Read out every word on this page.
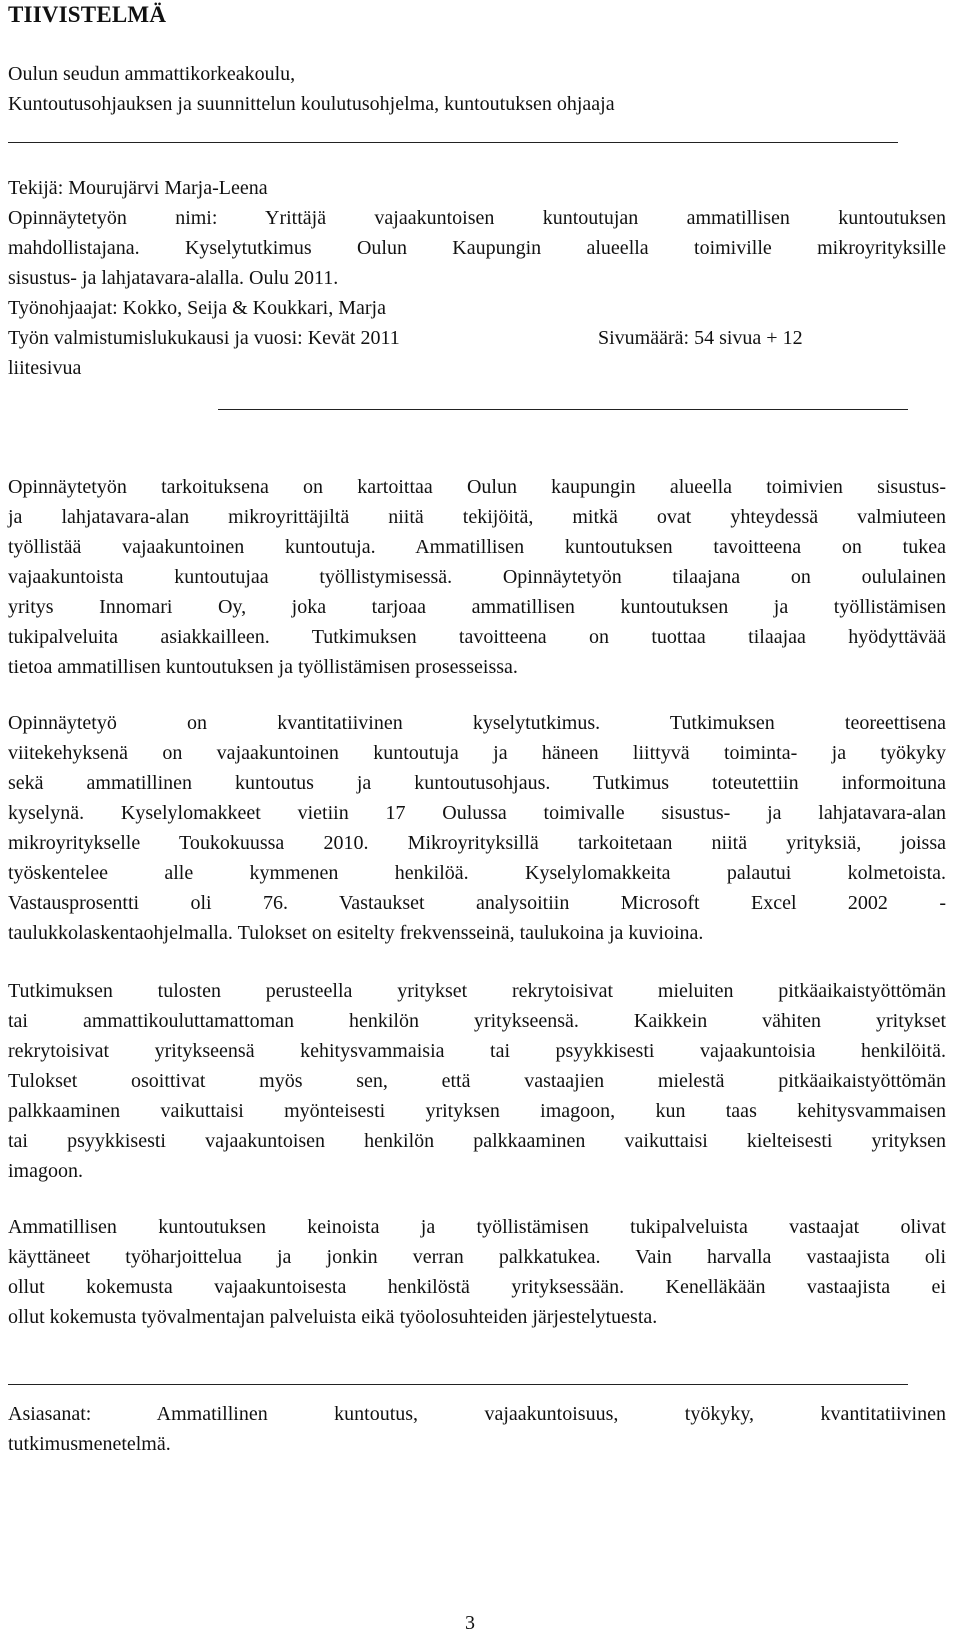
TIIVISTELMÄ
Oulun seudun ammattikorkeakoulu,
Kuntoutusohjauksen ja suunnittelun koulutusohjelma, kuntoutuksen ohjaaja
Tekijä: Mourujärvi Marja-Leena
Opinnäytetyön nimi: Yrittäjä vajaakuntoisen kuntoutujan ammatillisen kuntoutuksen
mahdollistajana. Kyselytutkimus Oulun Kaupungin alueella toimiville mikroyrityksille
sisustus- ja lahjatavara-alalla. Oulu 2011.
Työnohjaajat: Kokko, Seija & Koukkari, Marja
Työn valmistumislukukausi ja vuosi: Kevät 2011	Sivumäärä: 54 sivua + 12
liitesivua
Opinnäytetyön tarkoituksena on kartoittaa Oulun kaupungin alueella toimivien sisustus-
ja lahjatavara-alan mikroyrittäjiltä niitä tekijöitä, mitkä ovat yhteydessä valmiuteen
työllistää vajaakuntoinen kuntoutuja. Ammatillisen kuntoutuksen tavoitteena on tukea
vajaakuntoista kuntoutujaa työllistymisessä. Opinnäytetyön tilaajana on oululainen
yritys Innomari Oy, joka tarjoaa ammatillisen kuntoutuksen ja työllistämisen
tukipalveluita asiakkailleen. Tutkimuksen tavoitteena on tuottaa tilaajaa hyödyttävää
tietoa ammatillisen kuntoutuksen ja työllistämisen prosesseissa.
Opinnäytetyö on kvantitatiivinen kyselytutkimus. Tutkimuksen teoreettisena
viitekehyksenä on vajaakuntoinen kuntoutuja ja häneen liittyvä toiminta- ja työkyky
sekä ammatillinen kuntoutus ja kuntoutusohjaus. Tutkimus toteutettiin informoituna
kyselynä. Kyselylomakkeet vietiin 17 Oulussa toimivalle sisustus- ja lahjatavara-alan
mikroyritykselle Toukokuussa 2010. Mikroyrityksillä tarkoitetaan niitä yrityksiä, joissa
työskentelee alle kymmenen henkilöä. Kyselylomakkeita palautui kolmetoista.
Vastausprosentti oli 76. Vastaukset analysoitiin Microsoft Excel 2002 -
taulukkolaskentaohjelmalla. Tulokset on esitelty frekvensseinä, taulukoina ja kuvioina.
Tutkimuksen tulosten perusteella yritykset rekrytoisivat mieluiten pitkäaikaistyöttömän
tai ammattikouluttamattoman henkilön yritykseensä. Kaikkein vähiten yritykset
rekrytoisivat yritykseensä kehitysvammaisia tai psyykkisesti vajaakuntoisia henkilöitä.
Tulokset osoittivat myös sen, että vastaajien mielestä pitkäaikaistyöttömän
palkkaaminen vaikuttaisi myönteisesti yrityksen imagoon, kun taas kehitysvammaisen
tai psyykkisesti vajaakuntoisen henkilön palkkaaminen vaikuttaisi kielteisesti yrityksen
imagoon.
Ammatillisen kuntoutuksen keinoista ja työllistämisen tukipalveluista vastaajat olivat
käyttäneet työharjoittelua ja jonkin verran palkkatukea. Vain harvalla vastaajista oli
ollut kokemusta vajaakuntoisesta henkilöstä yrityksessään. Kenelläkään vastaajista ei
ollut kokemusta työvalmentajan palveluista eikä työolosuhteiden järjestelytuesta.
Asiasanat: Ammatillinen kuntoutus, vajaakuntoisuus, työkyky, kvantitatiivinen
tutkimusmenetelmä.
3
